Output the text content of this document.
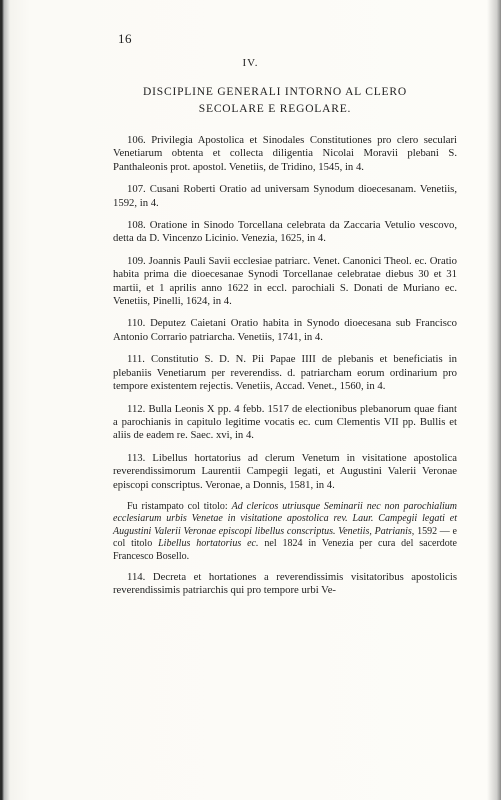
16
IV.
DISCIPLINE GENERALI INTORNO AL CLERO
SECOLARE E REGOLARE.

106. Privilegia Apostolica et Sinodales Constitutiones pro clero seculari Venetiarum obtenta et collecta diligentia Nicolai Moravii plebani S. Panthaleonis prot. apostol. Venetiis, de Tridino, 1545, in 4.

107. Cusani Roberti Oratio ad universam Synodum dioecesanam. Venetiis, 1592, in 4.

108. Oratione in Sinodo Torcellana celebrata da Zaccaria Vetulio vescovo, detta da D. Vincenzo Licinio. Venezia, 1625, in 4.

109. Joannis Pauli Savii ecclesiae patriarc. Venet. Canonici Theol. ec. Oratio habita prima die dioecesanae Synodi Torcellanae celebratae diebus 30 et 31 martii, et 1 aprilis anno 1622 in eccl. parochiali S. Donati de Muriano ec. Venetiis, Pinelli, 1624, in 4.

110. Deputez Caietani Oratio habita in Synodo dioecesana sub Francisco Antonio Corrario patriarcha. Venetiis, 1741, in 4.

111. Constitutio S. D. N. Pii Papae IIII de plebanis et beneficiatis in plebaniis Venetiarum per reverendiss. d. patriarcham eorum ordinarium pro tempore existentem rejectis. Venetiis, Accad. Venet., 1560, in 4.

112. Bulla Leonis X pp. 4 febb. 1517 de electionibus plebanorum quae fiant a parochianis in capitulo legitime vocatis ec. cum Clementis VII pp. Bullis et aliis de eadem re. Saec. xvi, in 4.

113. Libellus hortatorius ad clerum Venetum in visitatione apostolica reverendissimorum Laurentii Campegii legati, et Augustini Valerii Veronae episcopi conscriptus. Veronae, a Donnis, 1581, in 4.

Fu ristampato col titolo: Ad clericos utriusque Seminarii nec non parochialium ecclesiarum urbis Venetae in visitatione apostolica rev. Laur. Campegii legati et Augustini Valerii Veronae episcopi libellus conscriptus. Venetiis, Patrianis, 1592 — e col titolo Libellus hortatorius ec. nel 1824 in Venezia per cura del sacerdote Francesco Bosello.

114. Decreta et hortationes a reverendissimis visitatoribus apostolicis reverendissimis patriarchis qui pro tempore urbi Ve-
